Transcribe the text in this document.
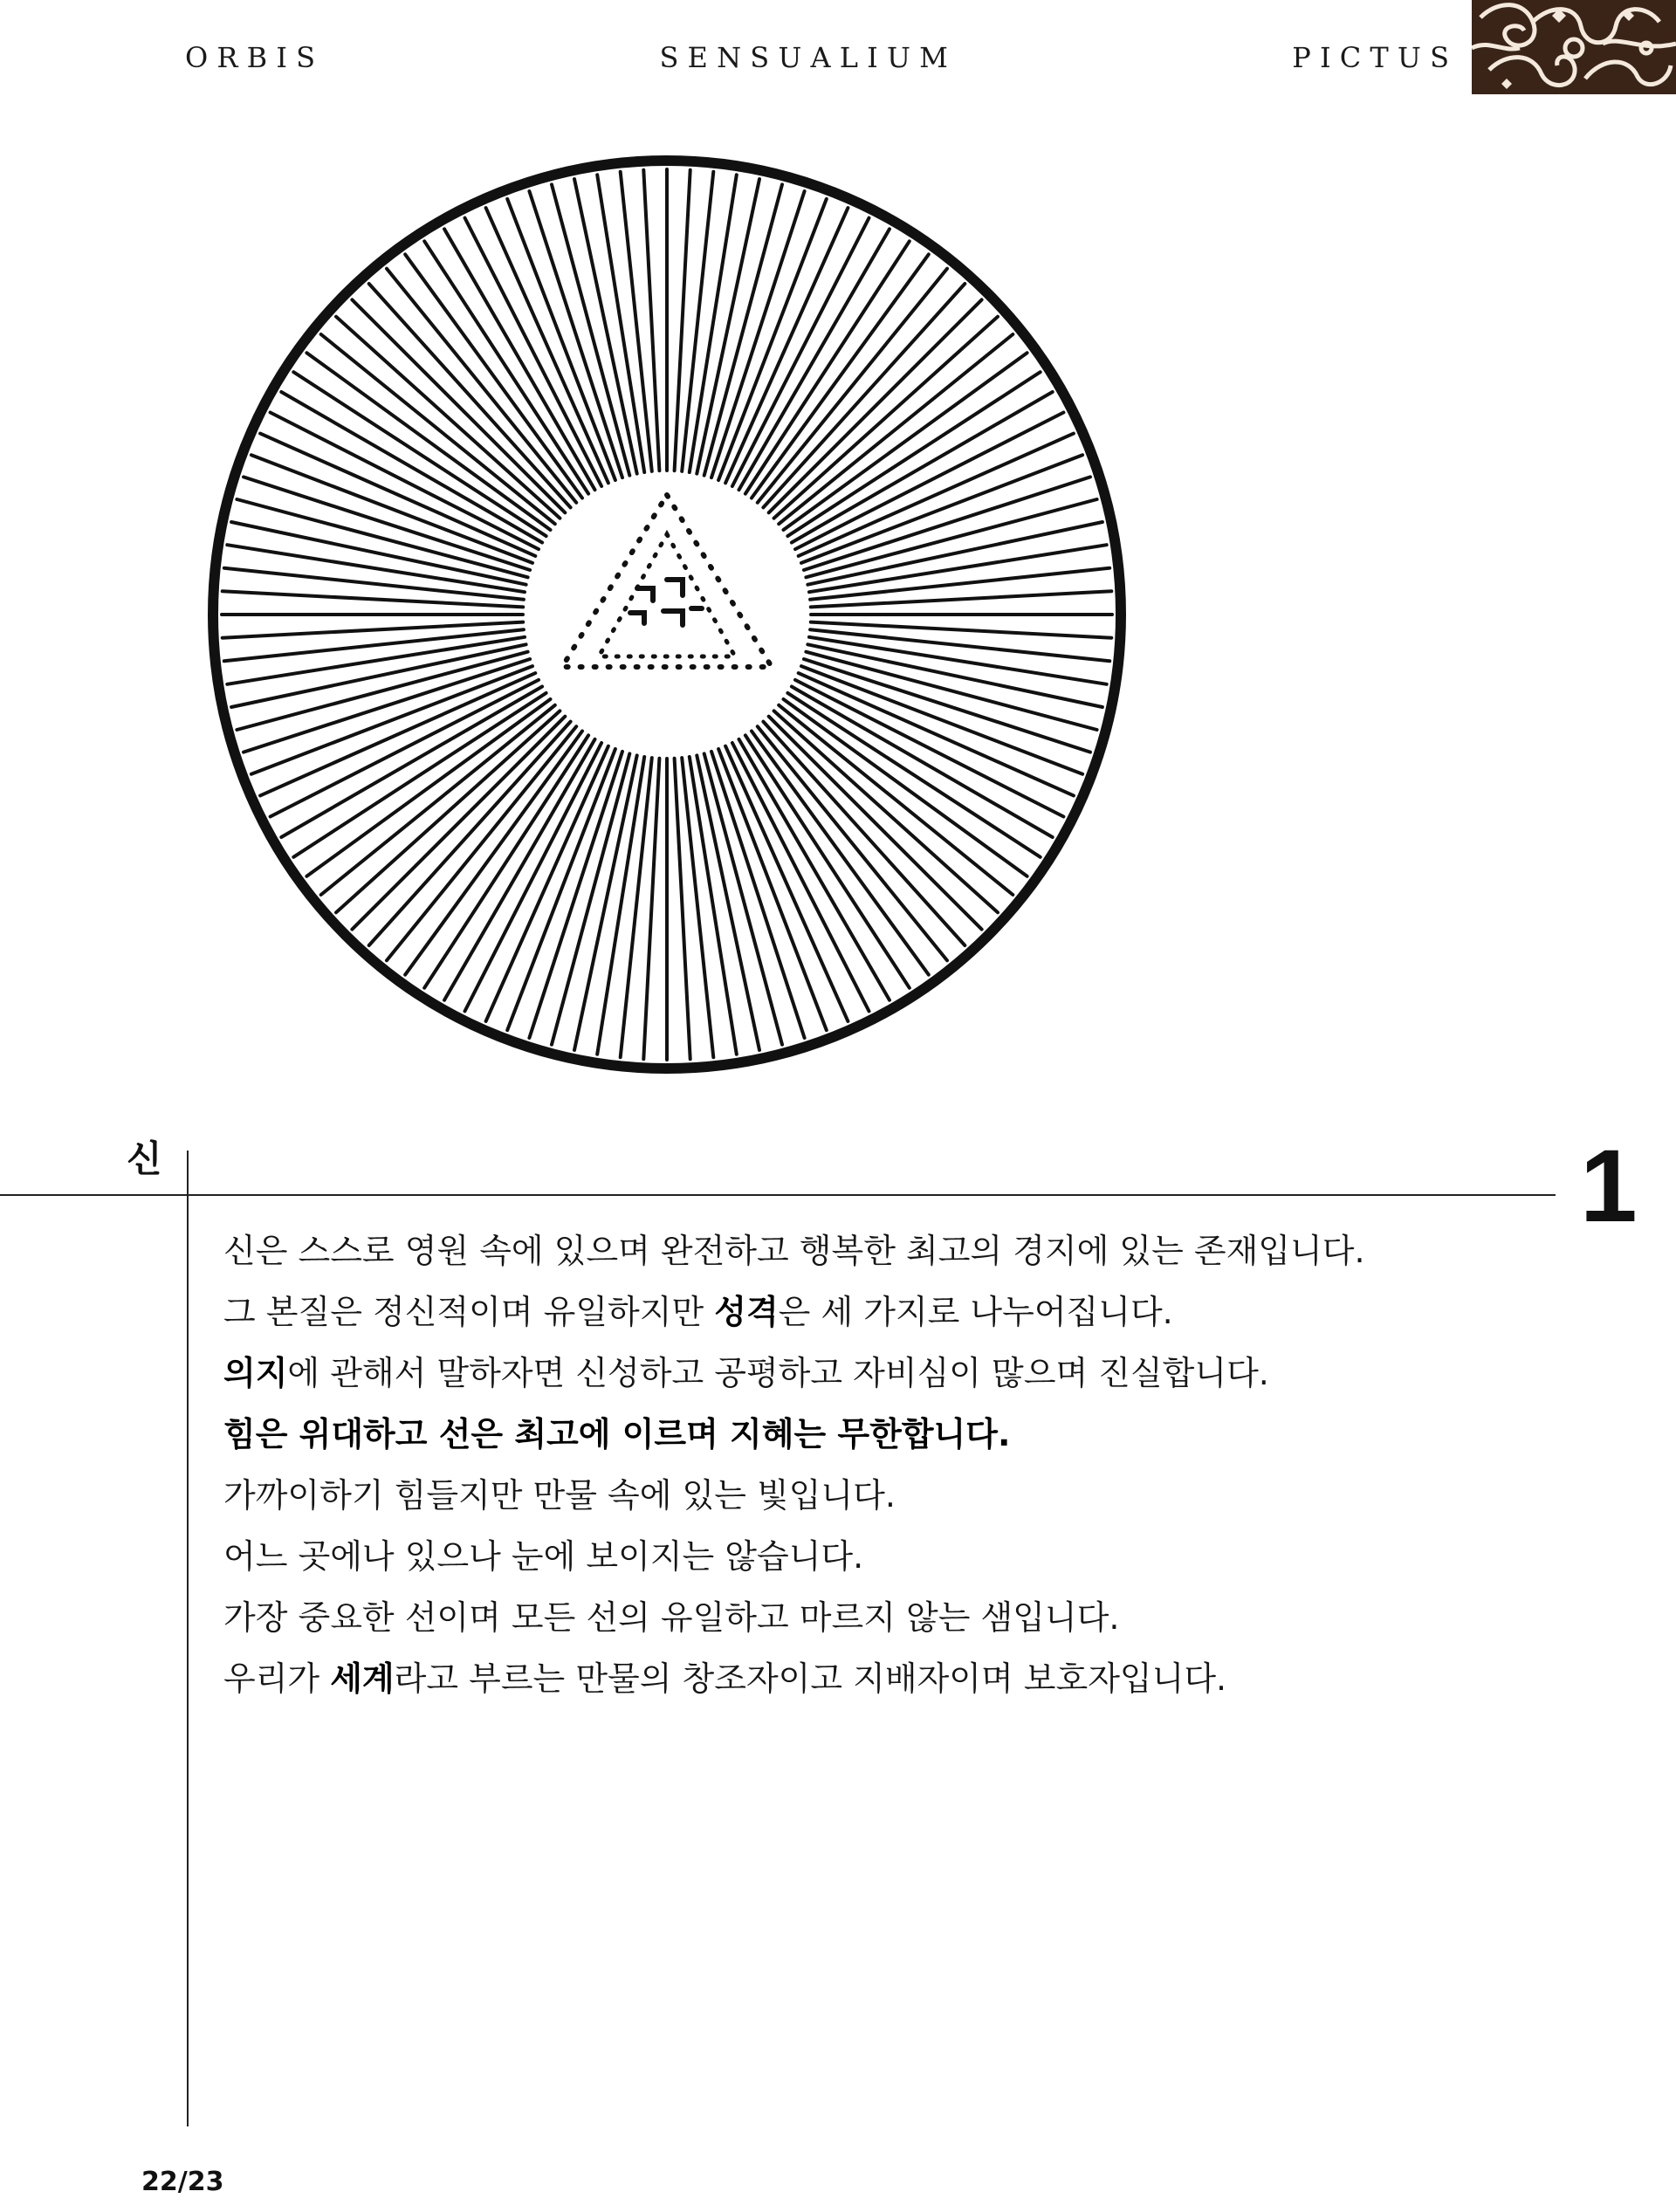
O R B I S	S E N S U A L I U M	P I C T U S
신	1

신은 스스로 영원 속에 있으며 완전하고 행복한 최고의 경지에 있는 존재입니다.

그 본질은 정신적이며 유일하지만 성격은 세 가지로 나누어집니다.

의지에 관해서 말하자면 신성하고 공평하고 자비심이 많으며 진실합니다.

힘은 위대하고 선은 최고에 이르며 지혜는 무한합니다.

가까이하기 힘들지만 만물 속에 있는 빛입니다.

어느 곳에나 있으나 눈에 보이지는 않습니다.

가장 중요한 선이며 모든 선의 유일하고 마르지 않는 샘입니다.

우리가 세계라고 부르는 만물의 창조자이고 지배자이며 보호자입니다.

22/23
